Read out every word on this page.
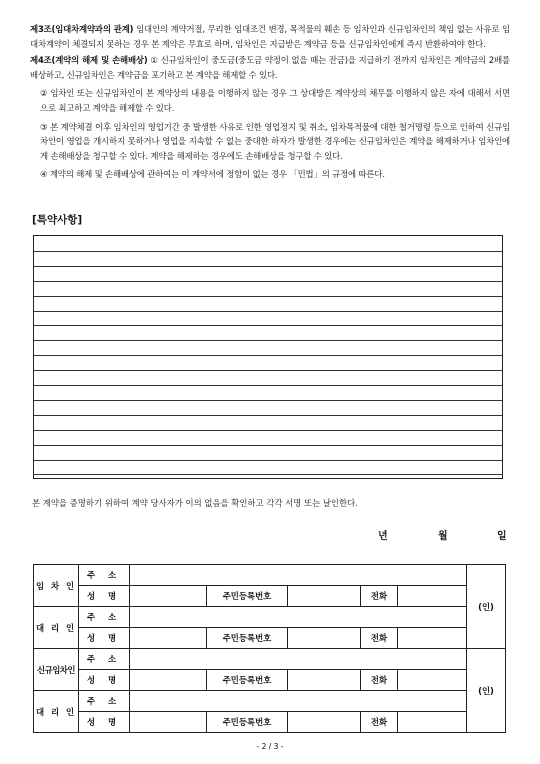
제3조(임대차계약과의 관계) 임대인의 계약거절, 무리한 임대조건 변경, 목적물의 훼손 등 임차인과 신규임차인의 책임 없는 사유로 임대차계약이 체결되지 못하는 경우 본 계약은 무효로 하며, 임차인은 지급받은 계약금 등을 신규임차인에게 즉시 반환하여야 한다.
제4조(계약의 해제 및 손해배상) ① 신규임차인이 중도금(중도금 약정이 없을 때는 잔금)을 지급하기 전까지 임차인은 계약금의 2배를 배상하고, 신규임차인은 계약금을 포기하고 본 계약을 해제할 수 있다.
② 임차인 또는 신규임차인이 본 계약상의 내용을 이행하지 않는 경우 그 상대방은 계약상의 채무를 이행하지 않은 자에 대해서 서면으로 최고하고 계약을 해제할 수 있다.
③ 본 계약체결 이후 임차인의 영업기간 중 발생한 사유로 인한 영업정지 및 취소, 임차목적물에 대한 철거명령 등으로 인하여 신규임차인이 영업을 개시하지 못하거나 영업을 지속할 수 없는 중대한 하자가 발생한 경우에는 신규임차인은 계약을 해제하거나 임차인에게 손해배상을 청구할 수 있다. 계약을 해제하는 경우에도 손해배상을 청구할 수 있다.
④ 계약의 해제 및 손해배상에 관하여는 이 계약서에 정함이 없는 경우 「민법」의 규정에 따른다.
[특약사항]
본 계약을 증명하기 위하여 계약 당사자가 이의 없음을 확인하고 각각 서명 또는 날인한다.
년	월	일
임 차 인	주 소						(인)
	성 명		주민등록번호		전화		
대 리 인	주 소						
	성 명		주민등록번호		전화		
신규임차인	주 소						(인)
	성 명		주민등록번호		전화		
대 리 인	주 소						
	성 명		주민등록번호		전화		
- 2 / 3 -
